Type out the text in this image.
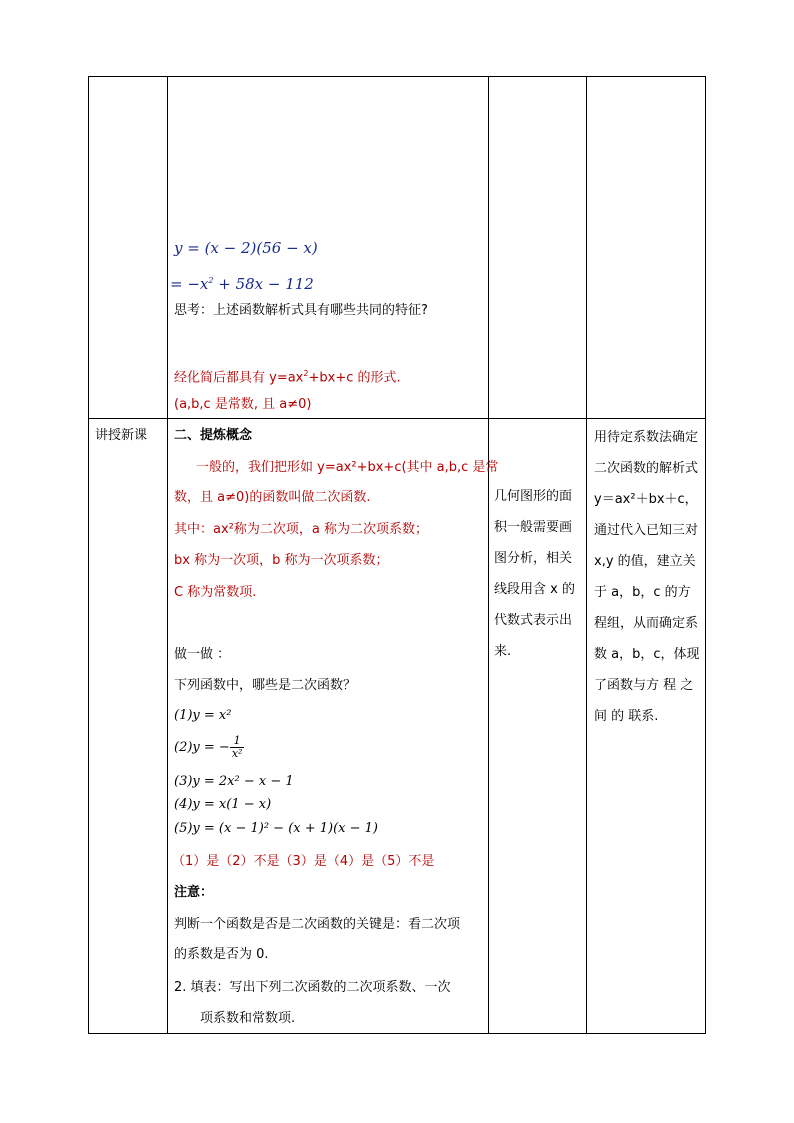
y = (x − 2)(56 − x)
= $-x^2 + 58x - 112$
思考：上述函数解析式具有哪些共同的特征?
经化简后都具有 $y=ax^2+bx+c$ 的形式.
(a,b,c 是常数, 且 a≠0)
讲授新课 二、提炼概念
一般的，我们把形如 y=ax²+bx+c(其中 a,b,c 是常
数，且 a≠0)的函数叫做二次函数.
其中：ax²称为二次项，a 称为二次项系数；
bx 称为一次项，b 称为一次项系数；
C 称为常数项.
做一做 ：
下列函数中，哪些是二次函数？
(1)y = x²
(2)y = − $\frac{1}{\text{x²}}$
(3)y = 2x² − x − 1
(4)y = x(1 − x)
(5)y = (x − 1)² − (x + 1)(x − 1)
（1）是（2）不是（3）是（4）是（5）不是
注意：
判断一个函数是否是二次函数的关键是：看二次项
的系数是否为 0.
2. 填表：写出下列二次函数的二次项系数、一次
项系数和常数项.
几何图形的面积一般需要画图分析，相关线段用含 x 的代数式表示出来.
用待定系数法确定二次函数的解析式 y＝ax²＋bx＋c，通过代入已知三对 x,y 的值，建立关于 a，b，c 的方程组，从而确定系数 a，b，c，体现了函数与方 程 之 间 的 联系.
